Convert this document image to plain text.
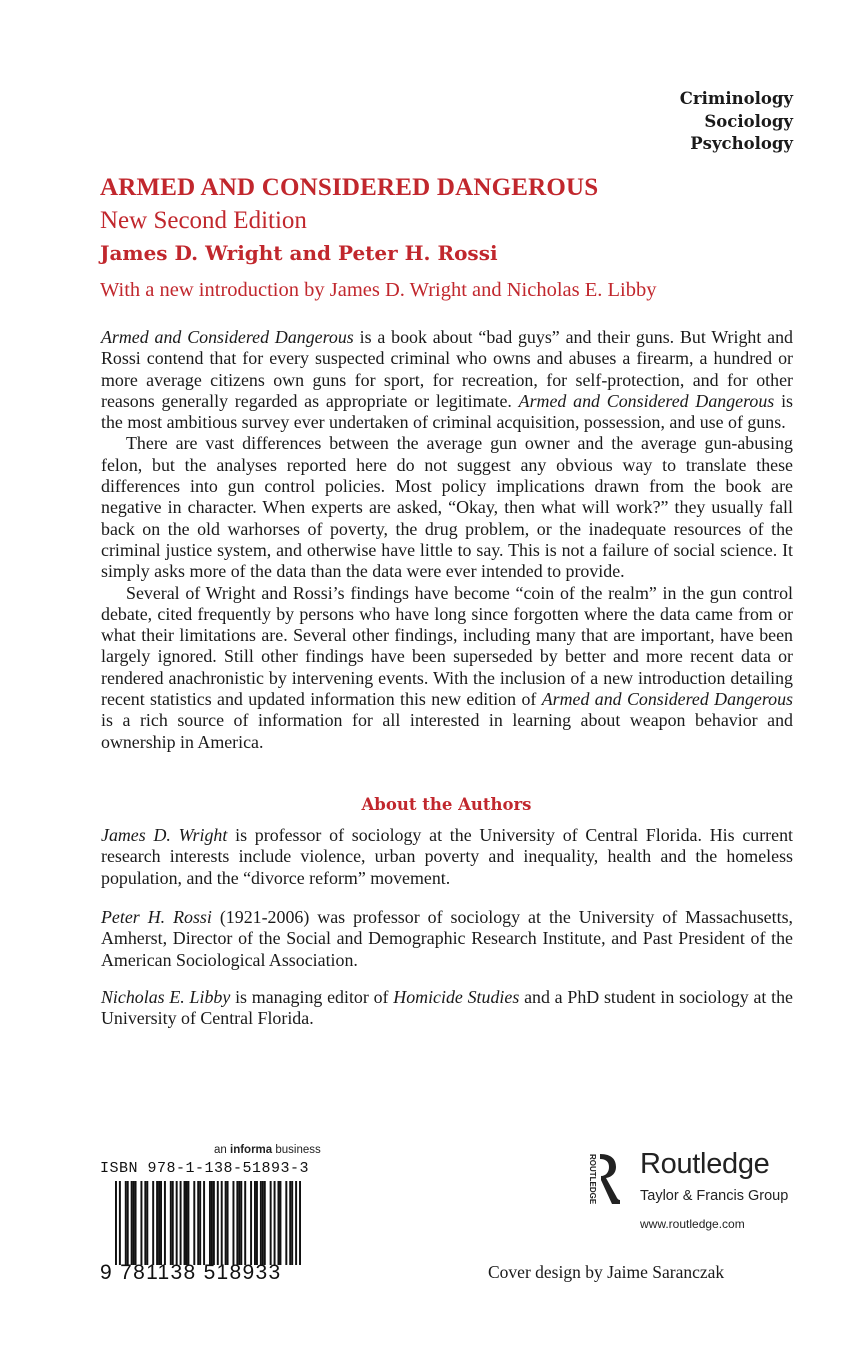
Criminology
Sociology
Psychology
ARMED AND CONSIDERED DANGEROUS
New Second Edition
James D. Wright and Peter H. Rossi
With a new introduction by James D. Wright and Nicholas E. Libby

Armed and Considered Dangerous is a book about “bad guys” and their guns. But Wright and Rossi contend that for every suspected criminal who owns and abuses a firearm, a hundred or more average citizens own guns for sport, for recreation, for self-protection, and for other reasons generally regarded as appropriate or legitimate. Armed and Considered Dangerous is the most ambitious survey ever undertaken of criminal acquisition, possession, and use of guns.

There are vast differences between the average gun owner and the average gun-abusing felon, but the analyses reported here do not suggest any obvious way to translate these differences into gun control policies. Most policy implications drawn from the book are negative in character. When experts are asked, “Okay, then what will work?” they usually fall back on the old warhorses of poverty, the drug problem, or the inadequate resources of the criminal justice system, and otherwise have little to say. This is not a failure of social science. It simply asks more of the data than the data were ever intended to provide.

Several of Wright and Rossi’s findings have become “coin of the realm” in the gun control debate, cited frequently by persons who have long since forgotten where the data came from or what their limitations are. Several other findings, including many that are important, have been largely ignored. Still other findings have been superseded by better and more recent data or rendered anachronistic by intervening events. With the inclusion of a new introduction detailing recent statistics and updated information this new edition of Armed and Considered Dangerous is a rich source of information for all interested in learning about weapon behavior and ownership in America.

About the Authors

James D. Wright is professor of sociology at the University of Central Florida. His current research interests include violence, urban poverty and inequality, health and the homeless population, and the “divorce reform” movement.

Peter H. Rossi (1921-2006) was professor of sociology at the University of Massachusetts, Amherst, Director of the Social and Demographic Research Institute, and Past President of the American Sociological Association.

Nicholas E. Libby is managing editor of Homicide Studies and a PhD student in sociology at the University of Central Florida.

an informa business
ISBN 978-1-138-51893-3
9 781138 518933
ROUTLEDGE Routledge
Taylor & Francis Group
www.routledge.com
Cover design by Jaime Saranczak
